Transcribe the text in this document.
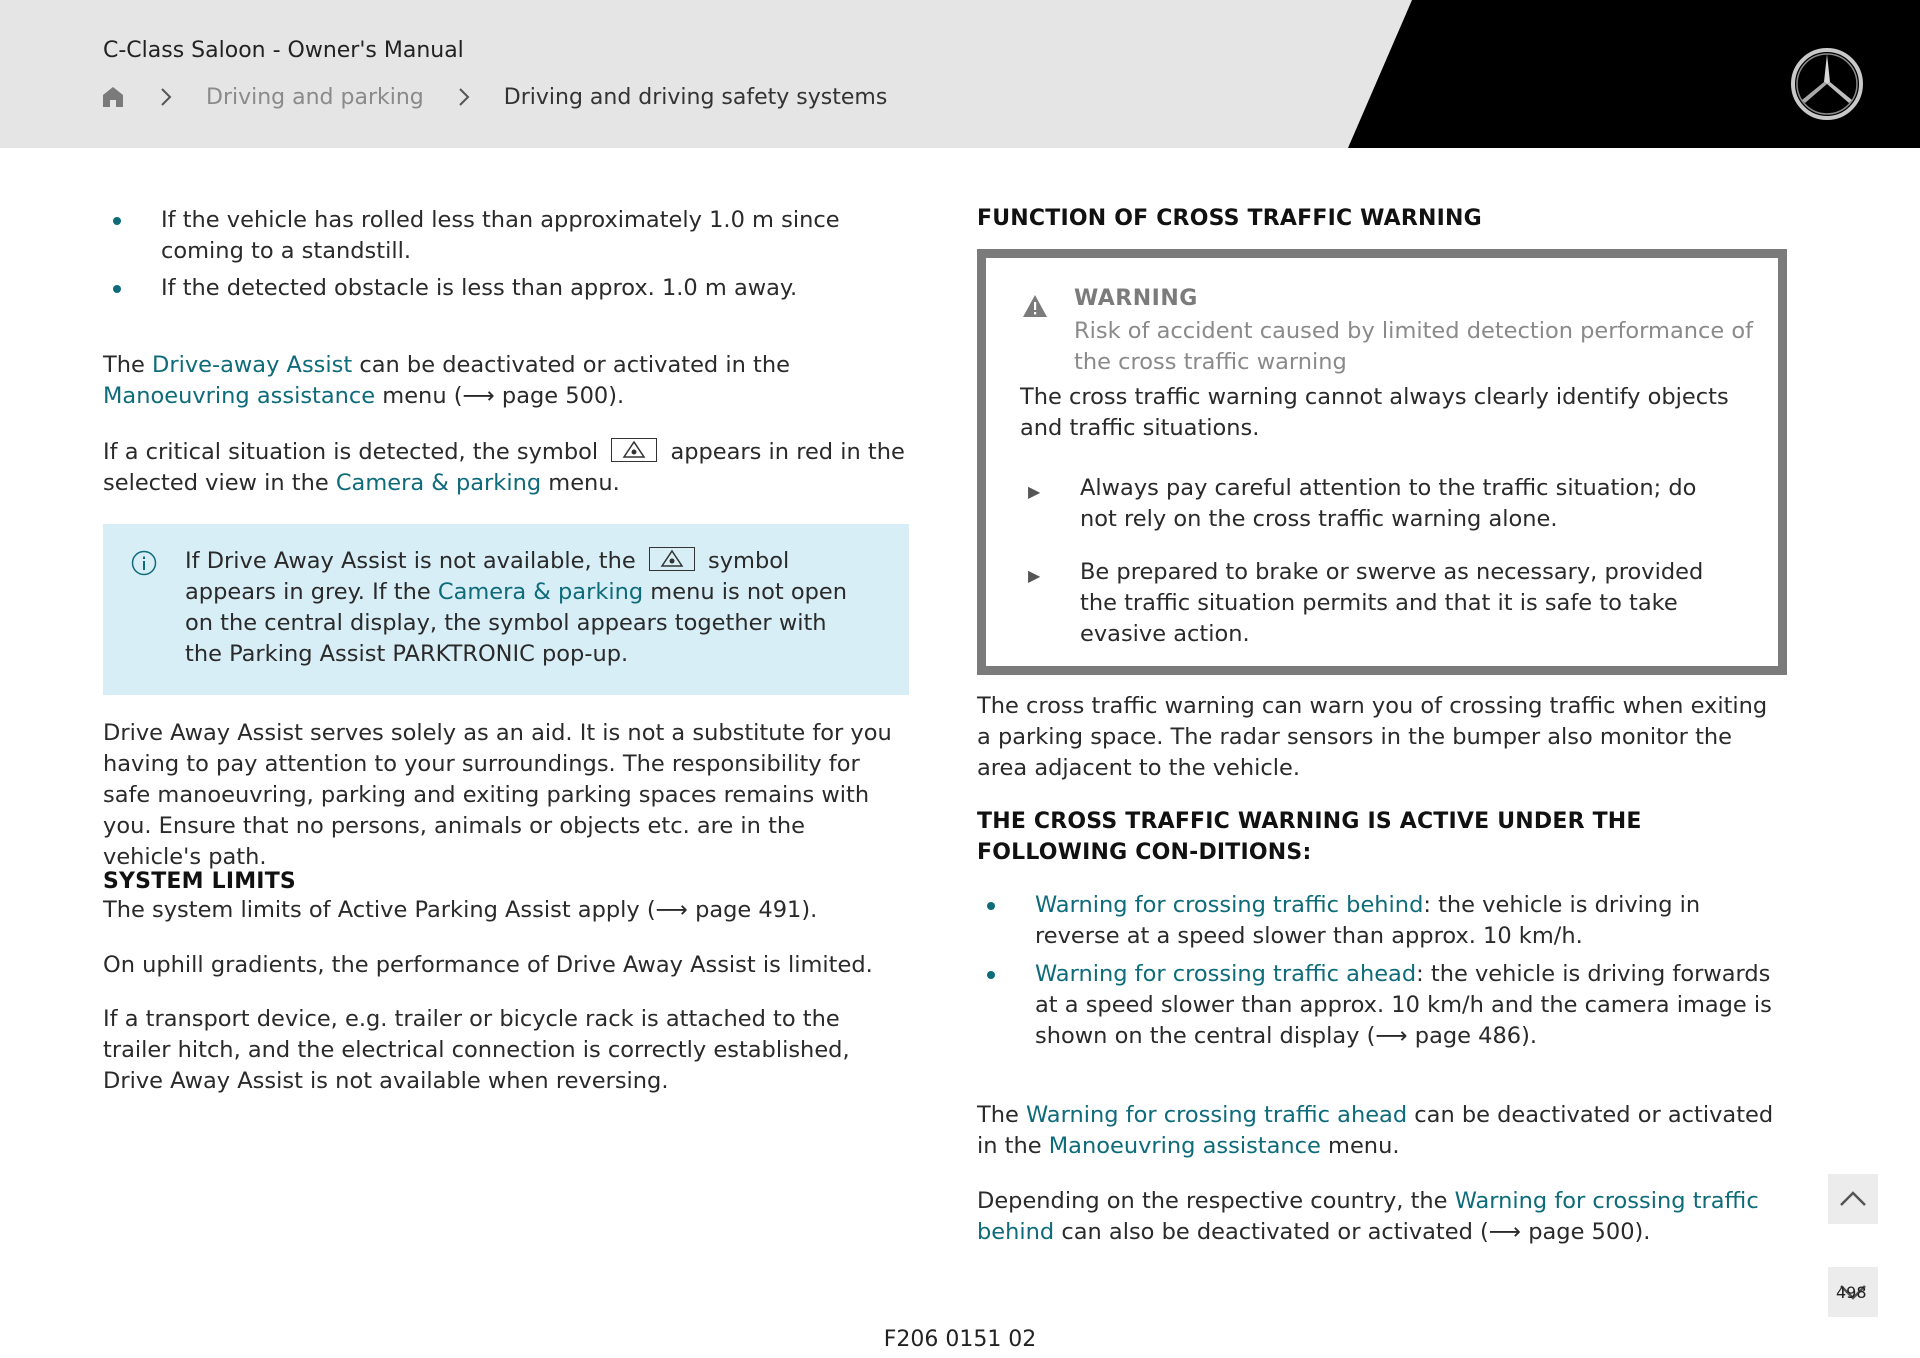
C-Class Saloon - Owner's Manual
Driving and parking	Driving and driving safety systems
If the vehicle has rolled less than approximately 1.0 m since coming to a standstill.
If the detected obstacle is less than approx. 1.0 m away.

The Drive-away Assist can be deactivated or activated in the Manoeuvring assistance menu (⟶ page 500).

If a critical situation is detected, the symbol	appears in red in the selected view in the Camera & parking menu.

If Drive Away Assist is not available, the	symbol appears in grey. If the Camera & parking menu is not open on the central display, the symbol appears together with the Parking Assist PARKTRONIC pop-up.

Drive Away Assist serves solely as an aid. It is not a substitute for you having to pay attention to your surroundings. The responsibility for safe manoeuvring, parking and exiting parking spaces remains with you. Ensure that no persons, animals or objects etc. are in the vehicle's path.

SYSTEM LIMITS

The system limits of Active Parking Assist apply (⟶ page 491).

On uphill gradients, the performance of Drive Away Assist is limited.

If a transport device, e.g. trailer or bicycle rack is attached to the trailer hitch, and the electrical connection is correctly established, Drive Away Assist is not available when reversing.

FUNCTION OF CROSS TRAFFIC WARNING
WARNING
Risk of accident caused by limited detection performance of the cross traffic warning
The cross traffic warning cannot always clearly identify objects and traffic situations.
▶ Always pay careful attention to the traffic situation; do not rely on the cross traffic warning alone.
▶ Be prepared to brake or swerve as necessary, provided the traffic situation permits and that it is safe to take evasive action.

The cross traffic warning can warn you of crossing traffic when exiting a parking space. The radar sensors in the bumper also monitor the area adjacent to the vehicle.

THE CROSS TRAFFIC WARNING IS ACTIVE UNDER THE FOLLOWING CON-DITIONS:
Warning for crossing traffic behind: the vehicle is driving in reverse at a speed slower than approx. 10 km/h.
Warning for crossing traffic ahead: the vehicle is driving forwards at a speed slower than approx. 10 km/h and the camera image is shown on the central display (⟶ page 486).

The Warning for crossing traffic ahead can be deactivated or activated in the Manoeuvring assistance menu.

Depending on the respective country, the Warning for crossing traffic behind can also be deactivated or activated (⟶ page 500).

498
F206 0151 02
